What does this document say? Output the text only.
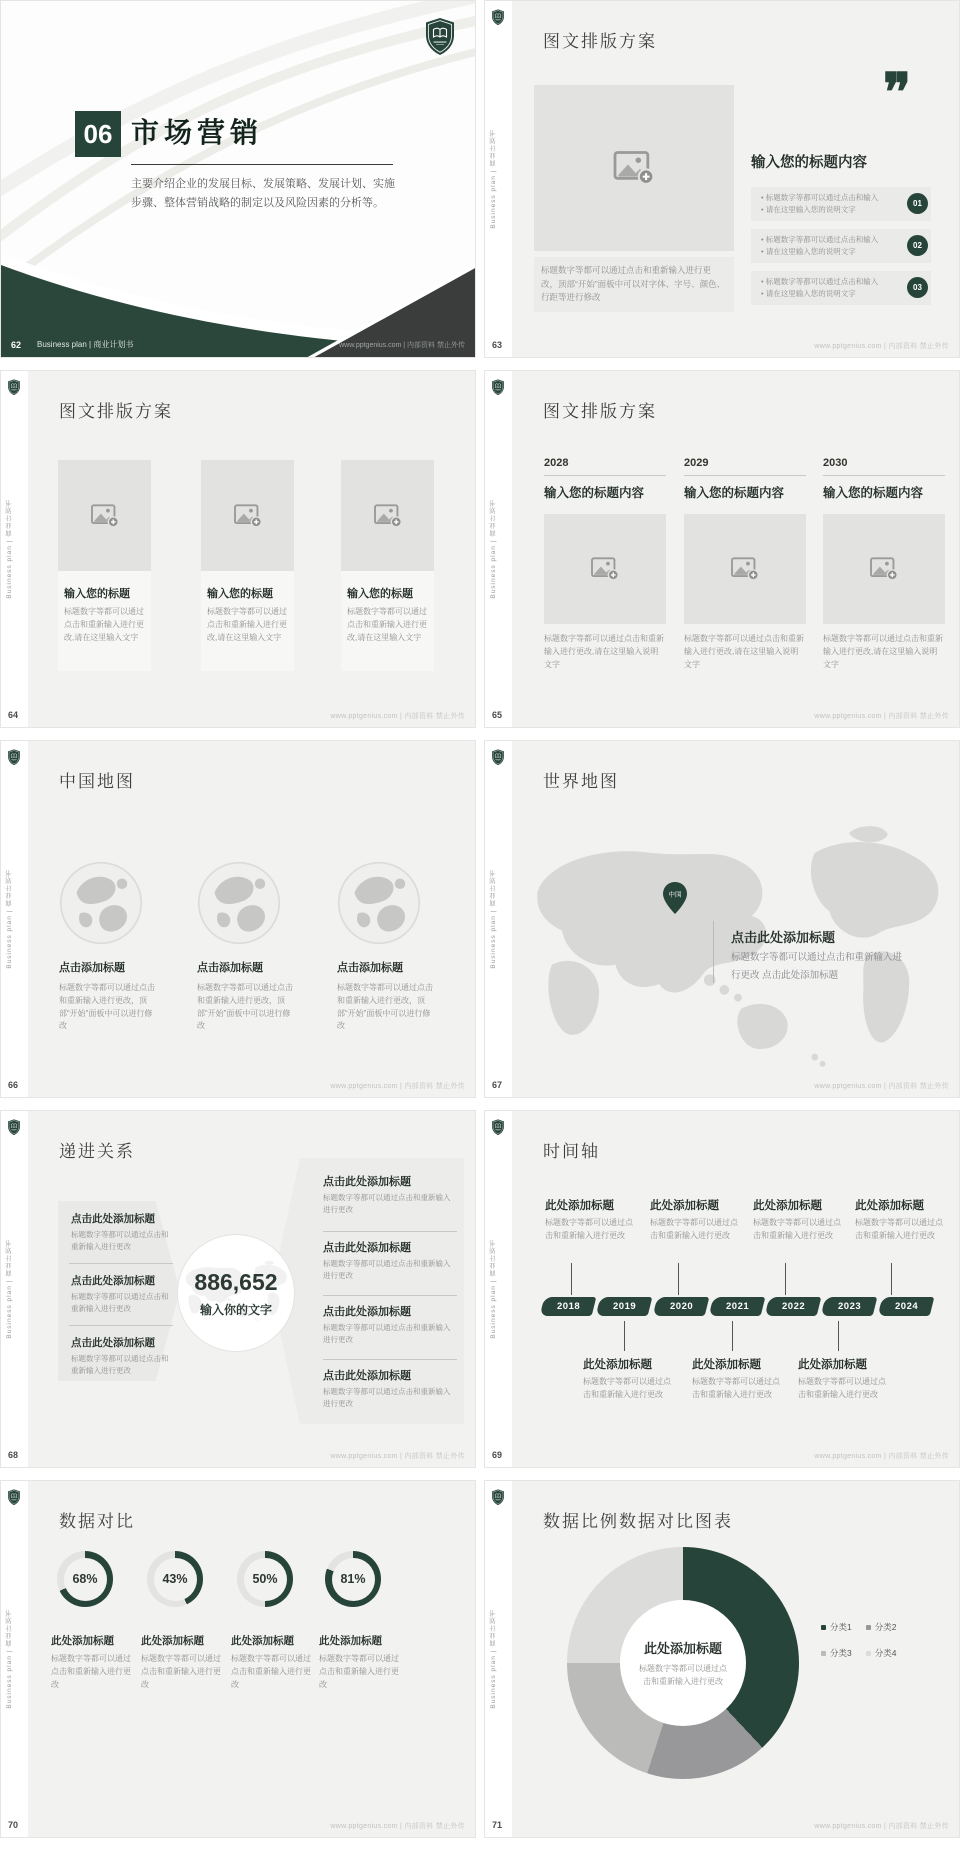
06 市场营销
主要介绍企业的发展目标、发展策略、发展计划、实施步骤、整体营销战略的制定以及风险因素的分析等。
62 Business plan | 商业计划书	www.pptgenius.com | 内部资料 禁止外传
Business plan | 商业计划书
63
图文排版方案
标题数字等都可以通过点击和重新输入进行更改，顶部“开始”面板中可以对字体、字号、颜色、行距等进行修改
❞
输入您的标题内容
• 标题数字等都可以通过点击和输入
• 请在这里输入您的说明文字
01
• 标题数字等都可以通过点击和输入
• 请在这里输入您的说明文字
02
• 标题数字等都可以通过点击和输入
• 请在这里输入您的说明文字
03
www.pptgenius.com | 内部资料 禁止外传
Business plan | 商业计划书
64
图文排版方案
输入您的标题
标题数字等都可以通过点击和重新输入进行更改,请在这里输入文字
输入您的标题
标题数字等都可以通过点击和重新输入进行更改,请在这里输入文字
输入您的标题
标题数字等都可以通过点击和重新输入进行更改,请在这里输入文字
www.pptgenius.com | 内部资料 禁止外传
Business plan | 商业计划书
65
图文排版方案
2028
输入您的标题内容
标题数字等都可以通过点击和重新输入进行更改,请在这里输入说明文字
2029
输入您的标题内容
标题数字等都可以通过点击和重新输入进行更改,请在这里输入说明文字
2030
输入您的标题内容
标题数字等都可以通过点击和重新输入进行更改,请在这里输入说明文字
www.pptgenius.com | 内部资料 禁止外传
Business plan | 商业计划书
66
中国地图
点击添加标题
标题数字等都可以通过点击和重新输入进行更改，顶部“开始”面板中可以进行修改
点击添加标题
标题数字等都可以通过点击和重新输入进行更改，顶部“开始”面板中可以进行修改
点击添加标题
标题数字等都可以通过点击和重新输入进行更改，顶部“开始”面板中可以进行修改
www.pptgenius.com | 内部资料 禁止外传
Business plan | 商业计划书
67
世界地图
点击此处添加标题
标题数字等都可以通过点击和重新输入进行更改 点击此处添加标题
www.pptgenius.com | 内部资料 禁止外传
Business plan | 商业计划书
68
递进关系
点击此处添加标题
标题数字等都可以通过点击和重新输入进行更改
点击此处添加标题
标题数字等都可以通过点击和重新输入进行更改
点击此处添加标题
标题数字等都可以通过点击和重新输入进行更改
886,652
输入你的文字
点击此处添加标题
标题数字等都可以通过点击和重新输入进行更改
点击此处添加标题
标题数字等都可以通过点击和重新输入进行更改
点击此处添加标题
标题数字等都可以通过点击和重新输入进行更改
点击此处添加标题
标题数字等都可以通过点击和重新输入进行更改
www.pptgenius.com | 内部资料 禁止外传
Business plan | 商业计划书
69
时间轴
此处添加标题
标题数字等都可以通过点击和重新输入进行更改
此处添加标题
标题数字等都可以通过点击和重新输入进行更改
此处添加标题
标题数字等都可以通过点击和重新输入进行更改
此处添加标题
标题数字等都可以通过点击和重新输入进行更改
2018	2019	2020	2021	2022	2023	2024
此处添加标题
标题数字等都可以通过点击和重新输入进行更改
此处添加标题
标题数字等都可以通过点击和重新输入进行更改
此处添加标题
标题数字等都可以通过点击和重新输入进行更改
www.pptgenius.com | 内部资料 禁止外传
Business plan | 商业计划书
70
数据对比
68%
此处添加标题
标题数字等都可以通过点击和重新输入进行更改
43%
此处添加标题
标题数字等都可以通过点击和重新输入进行更改
50%
此处添加标题
标题数字等都可以通过点击和重新输入进行更改
81%
此处添加标题
标题数字等都可以通过点击和重新输入进行更改
www.pptgenius.com | 内部资料 禁止外传
Business plan | 商业计划书
71
数据比例数据对比图表
此处添加标题
标题数字等都可以通过点击和重新输入进行更改
分类1	分类2
分类3	分类4
www.pptgenius.com | 内部资料 禁止外传
